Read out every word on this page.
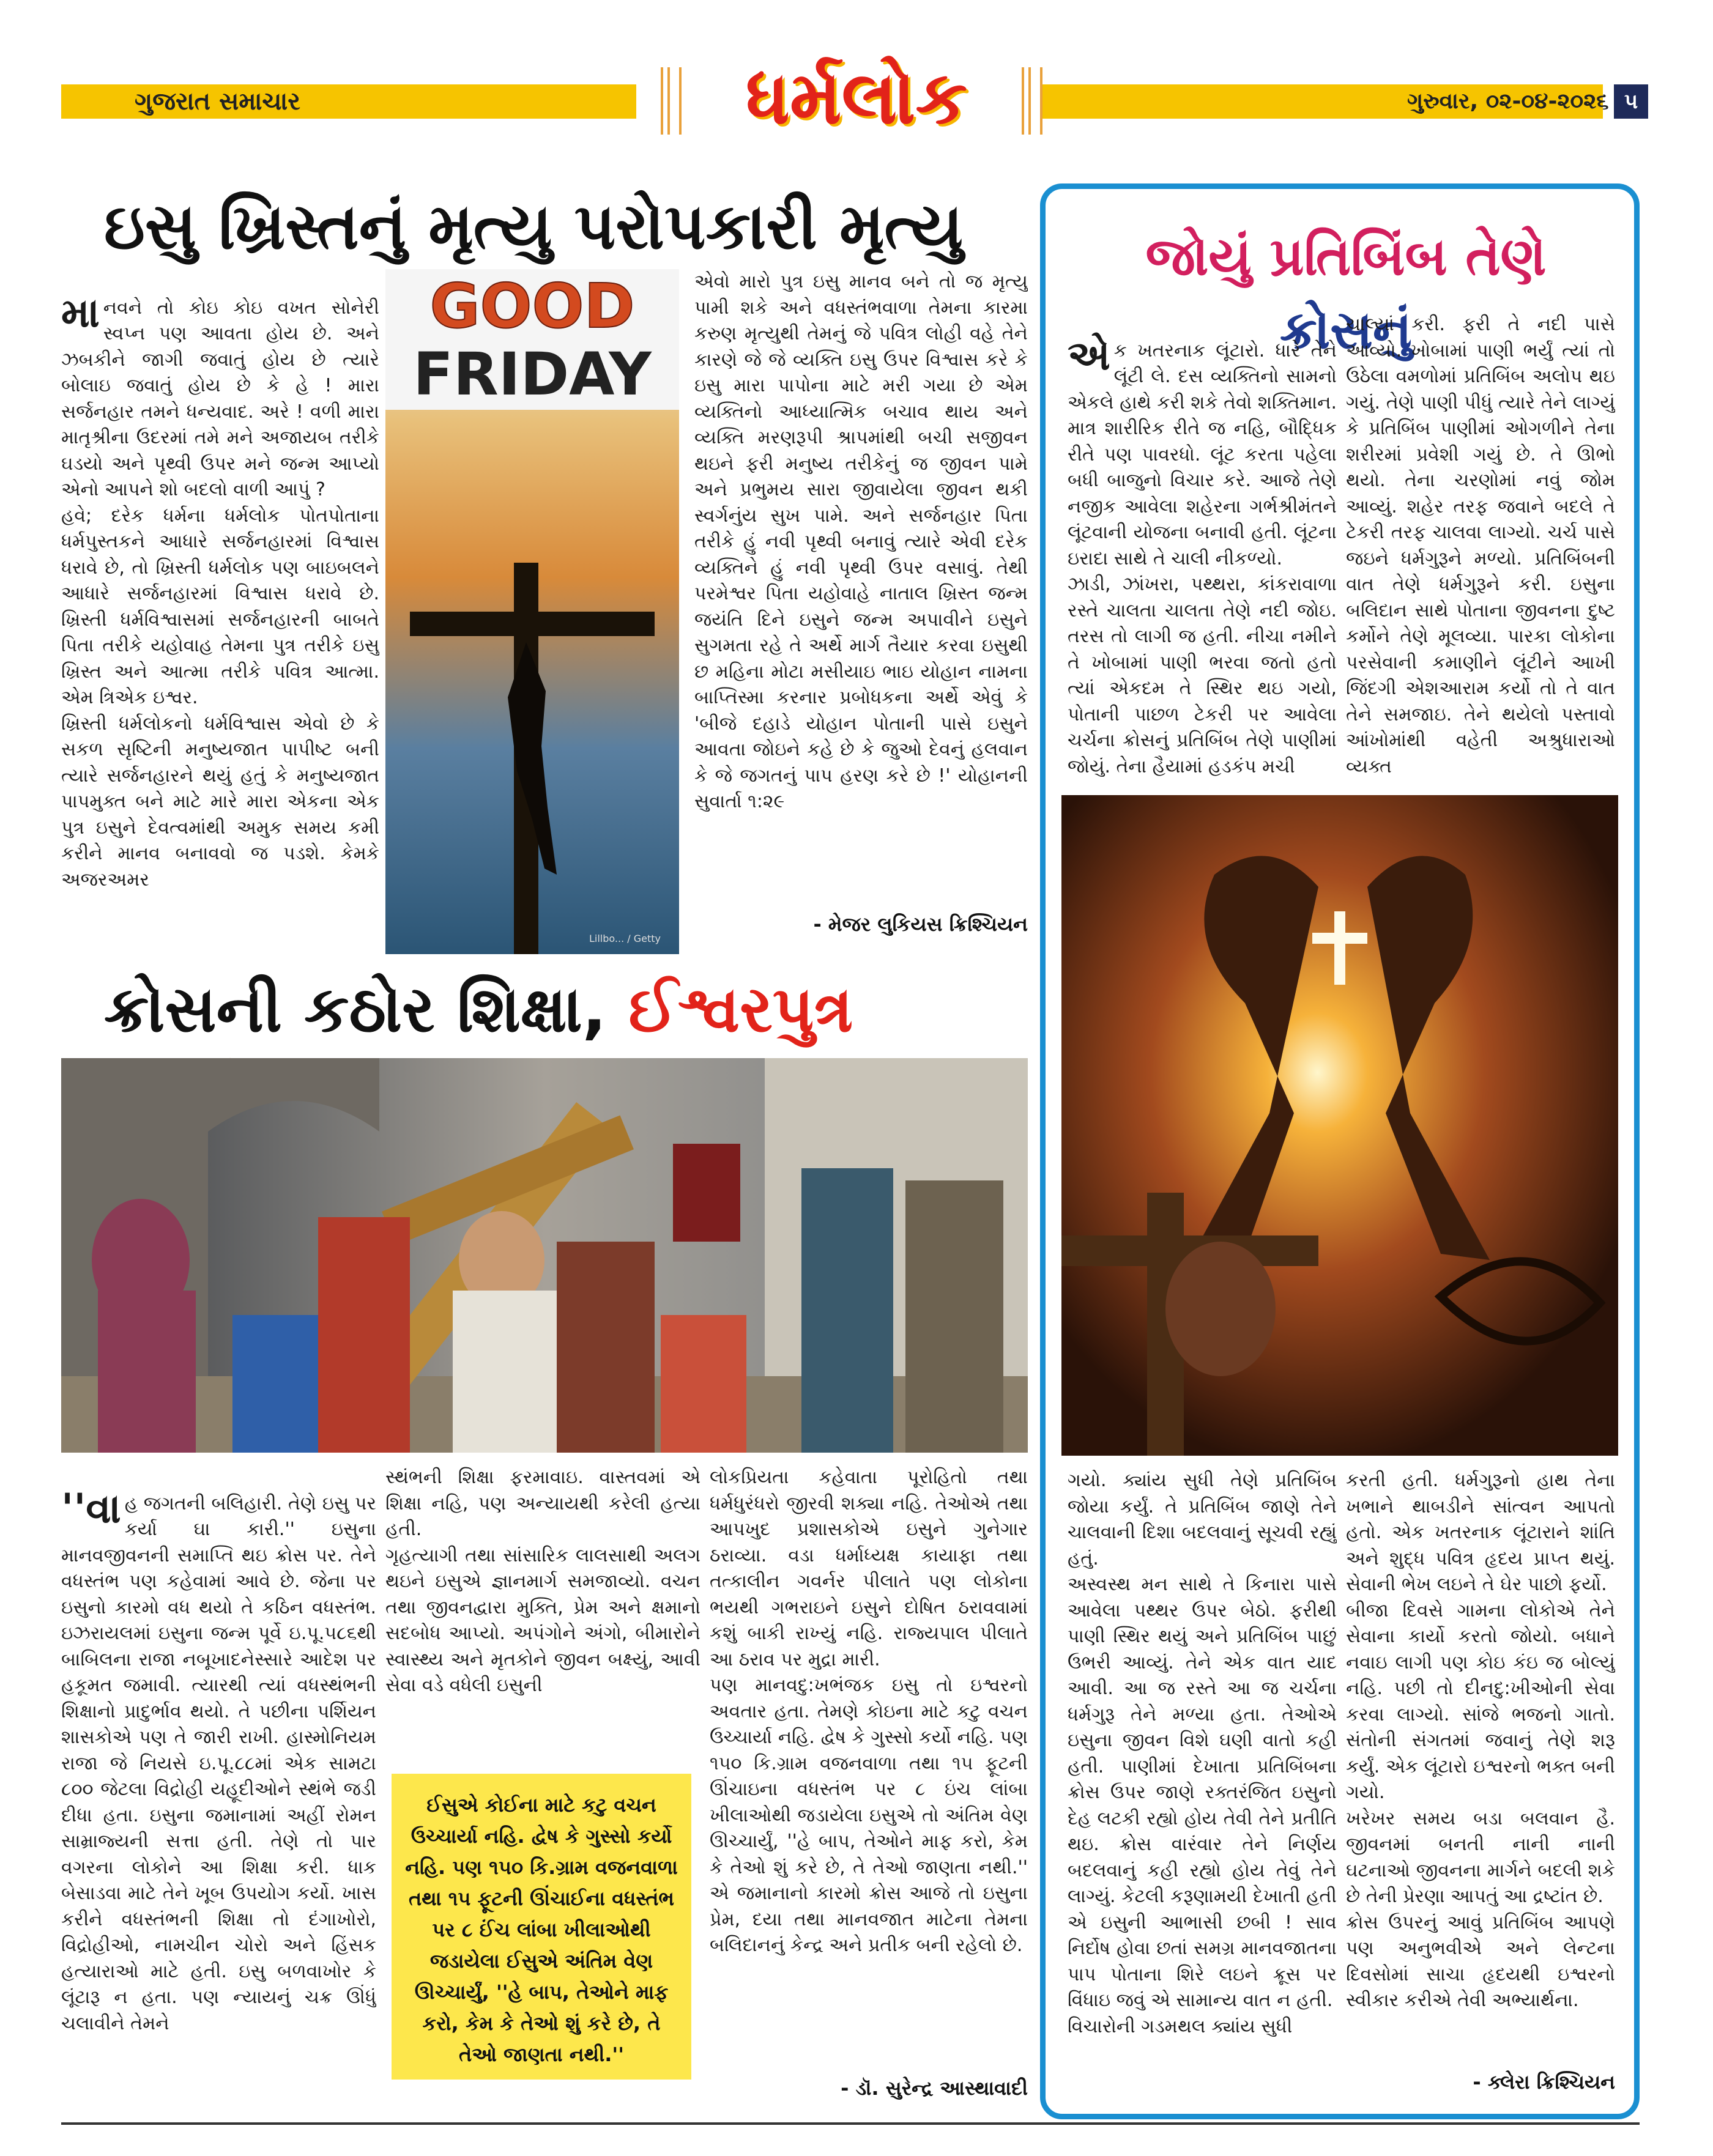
ગુજરાત સમાચાર	ધર્મલોક	ગુરુવાર, ૦૨-૦૪-૨૦૨૬ ૫
ઇસુ ખ્રિસ્તનું મૃત્યુ પરોપકારી મૃત્યુ

માનવને તો કોઇ કોઇ વખત સોનેરી સ્વપ્ન પણ આવતા હોય છે. અને ઝબકીને જાગી જવાતું હોય છે ત્યારે બોલાઇ જવાતું હોય છે કે હે ! મારા સર્જનહાર તમને ધન્યવાદ. અરે ! વળી મારા માતૃશ્રીના ઉદરમાં તમે મને અજાયબ તરીકે ઘડયો અને પૃથ્વી ઉપર મને જન્મ આપ્યો એનો આપને શો બદલો વાળી આપું ?
હવે; દરેક ધર્મના ધર્મલોક પોતપોતાના ધર્મપુસ્તકને આધારે સર્જનહારમાં વિશ્વાસ ધરાવે છે, તો ખ્રિસ્તી ધર્મલોક પણ બાઇબલને આધારે સર્જનહારમાં વિશ્વાસ ધરાવે છે. ખ્રિસ્તી ધર્મવિશ્વાસમાં સર્જનહારની બાબતે પિતા તરીકે યહોવાહ તેમના પુત્ર તરીકે ઇસુ ખ્રિસ્ત અને આત્મા તરીકે પવિત્ર આત્મા. એમ ત્રિએક ઇશ્વર.
ખ્રિસ્તી ધર્મલોકનો ધર્મવિશ્વાસ એવો છે કે સકળ સૃષ્ટિની મનુષ્યજાત પાપીષ્ટ બની ત્યારે સર્જનહારને થયું હતું કે મનુષ્યજાત પાપમુક્ત બને માટે મારે મારા એકના એક પુત્ર ઇસુને દેવત્વમાંથી અમુક સમય કમી કરીને માનવ બનાવવો જ પડશે. કેમકે અજરઅમર

GOOD
FRIDAY
Lillbo... / Getty
એવો મારો પુત્ર ઇસુ માનવ બને તો જ મૃત્યુ પામી શકે અને વધસ્તંભવાળા તેમના કારમા કરુણ મૃત્યુથી તેમનું જે પવિત્ર લોહી વહે તેને કારણે જે જે વ્યક્તિ ઇસુ ઉપર વિશ્વાસ કરે કે ઇસુ મારા પાપોના માટે મરી ગયા છે એમ વ્યક્તિનો આધ્યાત્મિક બચાવ થાય અને વ્યક્તિ મરણરૂપી શ્રાપમાંથી બચી સજીવન થઇને ફરી મનુષ્ય તરીકેનું જ જીવન પામે અને પ્રભુમય સારા જીવાયેલા જીવન થકી સ્વર્ગનુંય સુખ પામે. અને સર્જનહાર પિતા તરીકે હું નવી પૃથ્વી બનાવું ત્યારે એવી દરેક વ્યક્તિને હું નવી પૃથ્વી ઉપર વસાવું. તેથી પરમેશ્વર પિતા યહોવાહે નાતાલ ખ્રિસ્ત જન્મ જયંતિ દિને ઇસુને જન્મ અપાવીને ઇસુને સુગમતા રહે તે અર્થે માર્ગ તૈયાર કરવા ઇસુથી છ મહિના મોટા મસીયાઇ ભાઇ યોહાન નામના બાપ્તિસ્મા કરનાર પ્રબોધકના અર્થે એવું કે 'બીજે દહાડે યોહાન પોતાની પાસે ઇસુને આવતા જોઇને કહે છે કે જુઓ દેવનું હલવાન કે જે જગતનું પાપ હરણ કરે છે !' યોહાનની સુવાર્તા ૧:૨૯
- મેજર લુકિયસ ક્રિશ્ચિયન
ક્રોસની કઠોર શિક્ષા, ઈશ્વરપુત્ર

''વા હ જગતની બલિહારી. તેણે ઇસુ પર કર્યા ઘા કારી.'' ઇસુના માનવજીવનની સમાપ્તિ થઇ ક્રોસ પર. તેને વધસ્તંભ પણ કહેવામાં આવે છે. જેના પર ઇસુનો કારમો વધ થયો તે કઠિન વધસ્તંભ. ઇઝરાયલમાં ઇસુના જન્મ પૂર્વે ઇ.પૂ.૫૮૬થી બાબિલના રાજા નબૂખાદનેસ્સારે આદેશ પર હકૂમત જમાવી. ત્યારથી ત્યાં વધસ્થંભની શિક્ષાનો પ્રાદુર્ભાવ થયો. તે પછીના પર્શિયન શાસકોએ પણ તે જારી રાખી. હાસ્મોનિયમ રાજા જે નિયસે ઇ.પૂ.૮૮માં એક સામટા ૮૦૦ જેટલા વિદ્રોહી યહૂદીઓને સ્થંભે જડી દીધા હતા. ઇસુના જમાનામાં અહીં રોમન સામ્રાજ્યની સત્તા હતી. તેણે તો પાર વગરના લોકોને આ શિક્ષા કરી. ધાક બેસાડવા માટે તેને ખૂબ ઉપયોગ કર્યો. ખાસ કરીને વધસ્તંભની શિક્ષા તો દંગાખોરો, વિદ્રોહીઓ, નામચીન ચોરો અને હિંસક હત્યારાઓ માટે હતી. ઇસુ બળવાખોર કે લૂંટારૂ ન હતા. પણ ન્યાયનું ચક્ર ઊંધું ચલાવીને તેમને

સ્થંભની શિક્ષા ફરમાવાઇ. વાસ્તવમાં એ શિક્ષા નહિ, પણ અન્યાયથી કરેલી હત્યા હતી.
ગૃહત્યાગી તથા સાંસારિક લાલસાથી અલગ થઇને ઇસુએ જ્ઞાનમાર્ગ સમજાવ્યો. વચન તથા જીવનદ્વારા મુક્તિ, પ્રેમ અને ક્ષમાનો સદબોધ આપ્યો. અપંગોને અંગો, બીમારોને સ્વાસ્થ્ય અને મૃતકોને જીવન બક્ષ્યું, આવી સેવા વડે વધેલી ઇસુની
ઈસુએ કોઈના માટે કટુ વચન ઉચ્ચાર્યા નહિ. દ્વેષ કે ગુસ્સો કર્યો નહિ. પણ ૧૫૦ કિ.ગ્રામ વજનવાળા તથા ૧૫ ફૂટની ઊંચાઈના વધસ્તંભ પર ૮ ઈંચ લાંબા ખીલાઓથી જડાયેલા ઈસુએ અંતિમ વેણ ઊચ્ચાર્યું, ''હે બાપ, તેઓને માફ કરો, કેમ કે તેઓ શું કરે છે, તે તેઓ જાણતા નથી.''
લોકપ્રિયતા કહેવાતા પૂરોહિતો તથા ધર્મધુરંધરો જીરવી શક્યા નહિ. તેઓએ તથા આપખુદ પ્રશાસકોએ ઇસુને ગુનેગાર ઠરાવ્યા. વડા ધર્માધ્યક્ષ કાયાફા તથા તત્કાલીન ગવર્નર પીલાતે પણ લોકોના ભયથી ગભરાઇને ઇસુને દોષિત ઠરાવવામાં કશું બાકી રાખ્યું નહિ. રાજ્યપાલ પીલાતે આ ઠરાવ પર મુદ્રા મારી.
પણ માનવદુ:ખભંજક ઇસુ તો ઇશ્વરનો અવતાર હતા. તેમણે કોઇના માટે કટુ વચન ઉચ્ચાર્યા નહિ. દ્વેષ કે ગુસ્સો કર્યો નહિ. પણ ૧૫૦ કિ.ગ્રામ વજનવાળા તથા ૧૫ ફૂટની ઊંચાઇના વધસ્તંભ પર ૮ ઇંચ લાંબા ખીલાઓથી જડાયેલા ઇસુએ તો અંતિમ વેણ ઊચ્ચાર્યું, ''હે બાપ, તેઓને માફ કરો, કેમ કે તેઓ શું કરે છે, તે તેઓ જાણતા નથી.'' એ જમાનાનો કારમો ક્રોસ આજે તો ઇસુના પ્રેમ, દયા તથા માનવજાત માટેના તેમના બલિદાનનું કેન્દ્ર અને પ્રતીક બની રહેલો છે.
- ડૉ. સુરેન્દ્ર આસ્થાવાદી
જોયું પ્રતિબિંબ તેણે ક્રોસનું

એક ખતરનાક લૂંટારો. ધારે તેને લૂંટી લે. દસ વ્યક્તિનો સામનો એકલે હાથે કરી શકે તેવો શક્તિમાન. માત્ર શારીરિક રીતે જ નહિ, બૌદ્ધિક રીતે પણ પાવરધો. લૂંટ કરતા પહેલા બધી બાજુનો વિચાર કરે. આજે તેણે નજીક આવેલા શહેરના ગર્ભશ્રીમંતને લૂંટવાની યોજના બનાવી હતી. લૂંટના ઇરાદા સાથે તે ચાલી નીકળ્યો.
ઝાડી, ઝાંખરા, પથ્થરા, કાંકરાવાળા રસ્તે ચાલતા ચાલતા તેણે નદી જોઇ. તરસ તો લાગી જ હતી. નીચા નમીને તે ખોબામાં પાણી ભરવા જતો હતો ત્યાં એકદમ તે સ્થિર થઇ ગયો, પોતાની પાછળ ટેકરી પર આવેલા ચર્ચના ક્રોસનું પ્રતિબિંબ તેણે પાણીમાં જોયું. તેના હૈયામાં હડકંપ મચી

ચાલ્યાં કરી. ફરી તે નદી પાસે આવ્યો. ખોબામાં પાણી ભર્યું ત્યાં તો ઉઠેલા વમળોમાં પ્રતિબિંબ અલોપ થઇ ગયું. તેણે પાણી પીધું ત્યારે તેને લાગ્યું કે પ્રતિબિંબ પાણીમાં ઓગળીને તેના શરીરમાં પ્રવેશી ગયું છે. તે ઊભો થયો. તેના ચરણોમાં નવું જોમ આવ્યું. શહેર તરફ જવાને બદલે તે ટેકરી તરફ ચાલવા લાગ્યો. ચર્ચ પાસે જઇને ધર્મગુરૂને મળ્યો. પ્રતિબિંબની વાત તેણે ધર્મગુરૂને કરી. ઇસુના બલિદાન સાથે પોતાના જીવનના દુષ્ટ કર્મોને તેણે મૂલવ્યા. પારકા લોકોના પરસેવાની કમાણીને લૂંટીને આખી જિંદગી એશઆરામ કર્યો તો તે વાત તેને સમજાઇ. તેને થયેલો પસ્તાવો આંખોમાંથી વહેતી અશ્રુધારાઓ વ્યક્ત
ગયો. ક્યાંય સુધી તેણે પ્રતિબિંબ જોયા કર્યું. તે પ્રતિબિંબ જાણે તેને ચાલવાની દિશા બદલવાનું સૂચવી રહ્યું હતું.
અસ્વસ્થ મન સાથે તે કિનારા પાસે આવેલા પથ્થર ઉપર બેઠો. ફરીથી પાણી સ્થિર થયું અને પ્રતિબિંબ પાછું ઉભરી આવ્યું. તેને એક વાત યાદ આવી. આ જ રસ્તે આ જ ચર્ચના ધર્મગુરૂ તેને મળ્યા હતા. તેઓએ ઇસુના જીવન વિશે ઘણી વાતો કહી હતી. પાણીમાં દેખાતા પ્રતિબિંબના ક્રોસ ઉપર જાણે રક્તરંજિત ઇસુનો દેહ લટકી રહ્યો હોય તેવી તેને પ્રતીતિ થઇ. ક્રોસ વારંવાર તેને નિર્ણય બદલવાનું કહી રહ્યો હોય તેવું તેને લાગ્યું. કેટલી કરૂણામયી દેખાતી હતી એ ઇસુની આભાસી છબી ! સાવ નિર્દોષ હોવા છતાં સમગ્ર માનવજાતના પાપ પોતાના શિરે લઇને ક્રૂસ પર વિંધાઇ જવું એ સામાન્ય વાત ન હતી.
વિચારોની ગડમથલ ક્યાંય સુધી
કરતી હતી. ધર્મગુરૂનો હાથ તેના ખભાને થાબડીને સાંત્વન આપતો હતો. એક ખતરનાક લૂંટારાને શાંતિ અને શુદ્ધ પવિત્ર હૃદય પ્રાપ્ત થયું. સેવાની ભેખ લઇને તે ઘેર પાછો ફર્યો.
બીજા દિવસે ગામના લોકોએ તેને સેવાના કાર્યો કરતો જોયો. બધાને નવાઇ લાગી પણ કોઇ કંઇ જ બોલ્યું નહિ. પછી તો દીનદુ:ખીઓની સેવા કરવા લાગ્યો. સાંજે ભજનો ગાતો. સંતોની સંગતમાં જવાનું તેણે શરૂ કર્યું. એક લૂંટારો ઇશ્વરનો ભક્ત બની ગયો.
ખરેખર સમય બડા બલવાન હૈ. જીવનમાં બનતી નાની નાની ઘટનાઓ જીવનના માર્ગને બદલી શકે છે તેની પ્રેરણા આપતું આ દ્રષ્ટાંત છે.
ક્રોસ ઉપરનું આવું પ્રતિબિંબ આપણે પણ અનુભવીએ અને લેન્ટના દિવસોમાં સાચા હૃદયથી ઇશ્વરનો સ્વીકાર કરીએ તેવી અભ્યાર્થના.
- ક્લેરા ક્રિશ્ચિયન
